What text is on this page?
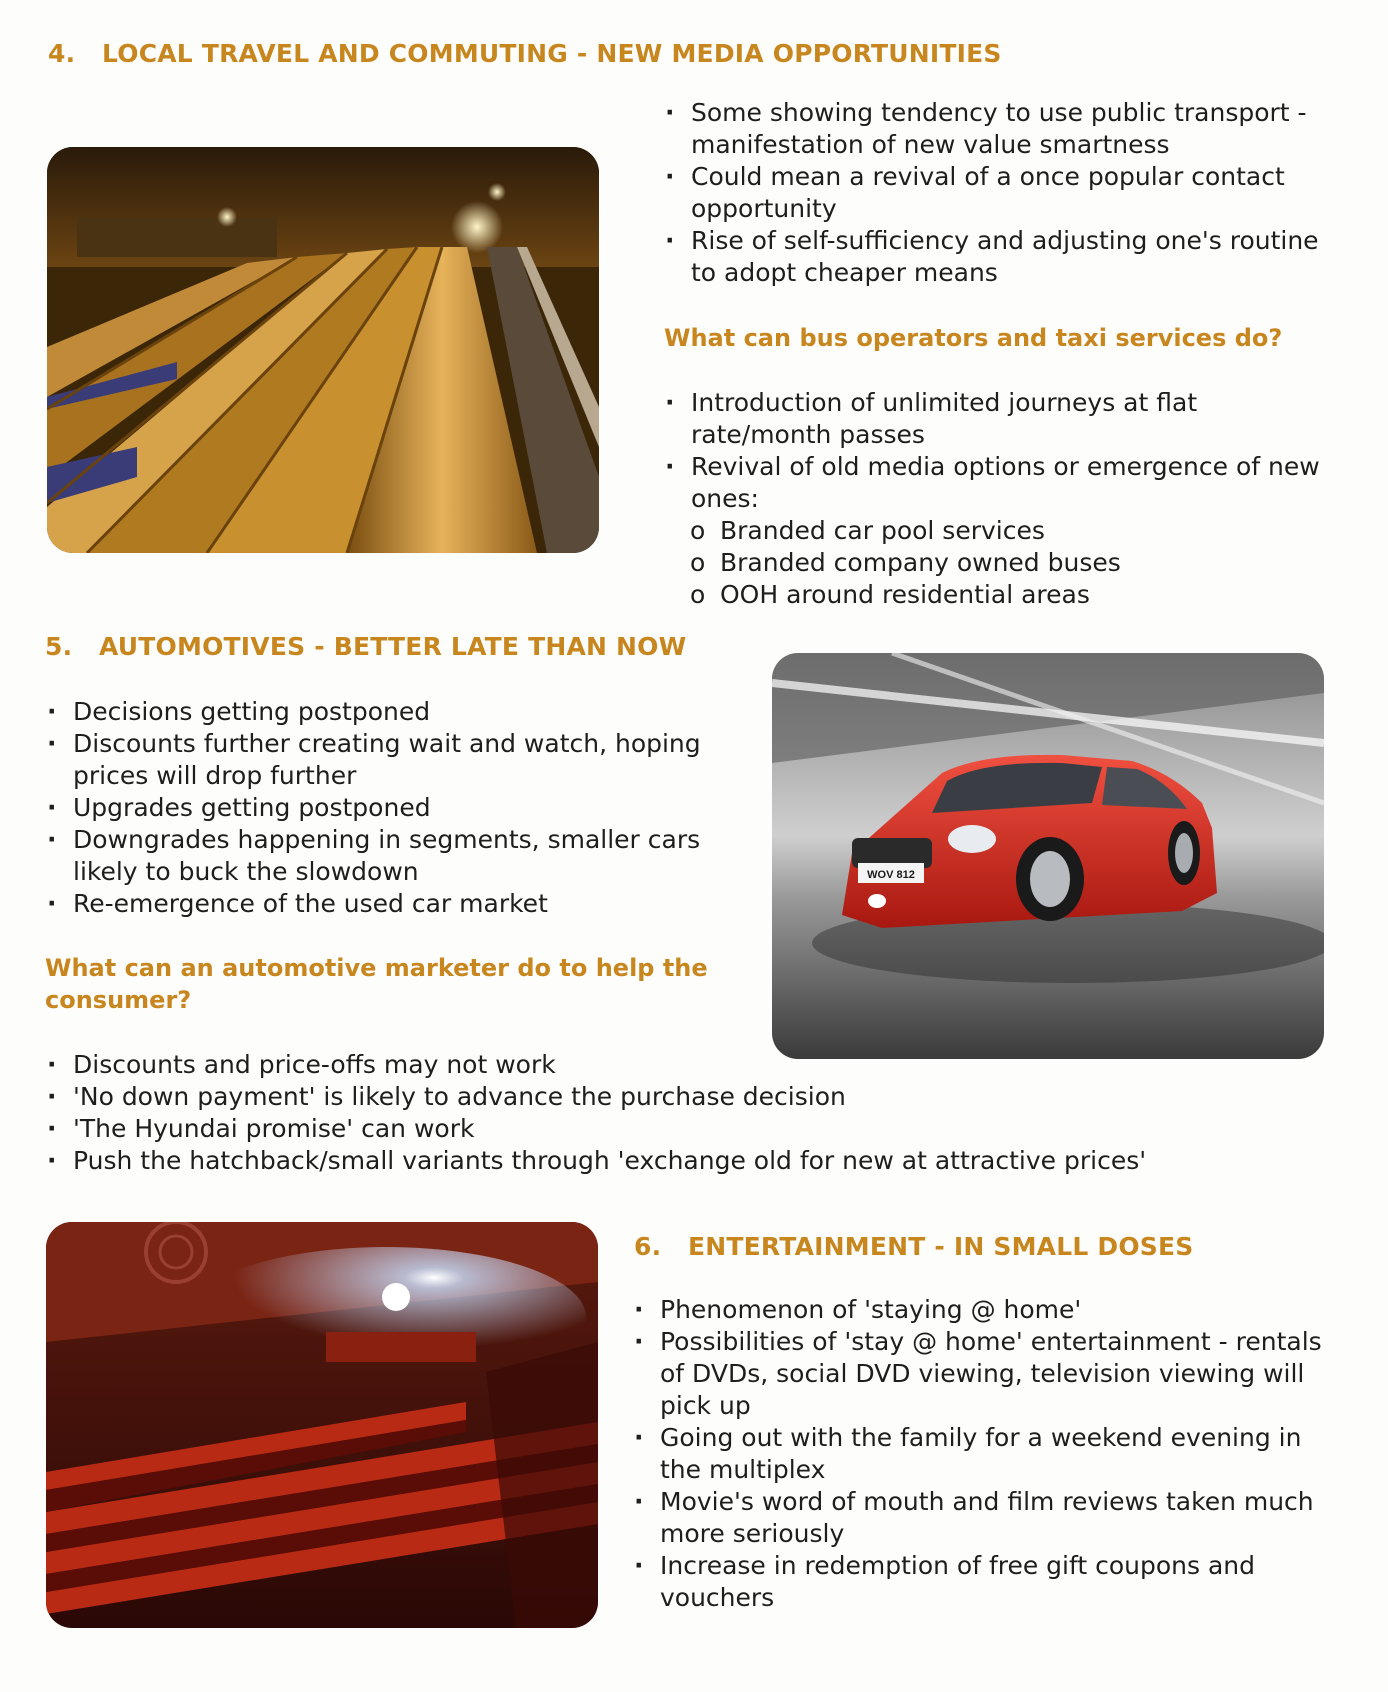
4.   LOCAL TRAVEL AND COMMUTING - NEW MEDIA OPPORTUNITIES
· Some showing tendency to use public transport - manifestation of new value smartness
· Could mean a revival of a once popular contact opportunity
· Rise of self-sufficiency and adjusting one's routine to adopt cheaper means
What can bus operators and taxi services do?
· Introduction of unlimited journeys at flat rate/month passes
· Revival of old media options or emergence of new ones:
o Branded car pool services
o Branded company owned buses
o OOH around residential areas
5.   AUTOMOTIVES - BETTER LATE THAN NOW
WOV 812
· Decisions getting postponed
· Discounts further creating wait and watch, hoping prices will drop further
· Upgrades getting postponed
· Downgrades happening in segments, smaller cars likely to buck the slowdown
· Re-emergence of the used car market
What can an automotive marketer do to help the consumer?
· Discounts and price-offs may not work
· 'No down payment' is likely to advance the purchase decision
· 'The Hyundai promise' can work
· Push the hatchback/small variants through 'exchange old for new at attractive prices'
6.   ENTERTAINMENT - IN SMALL DOSES
· Phenomenon of 'staying @ home'
· Possibilities of 'stay @ home' entertainment - rentals of DVDs, social DVD viewing, television viewing will pick up
· Going out with the family for a weekend evening in the multiplex
· Movie's word of mouth and film reviews taken much more seriously
· Increase in redemption of free gift coupons and vouchers
